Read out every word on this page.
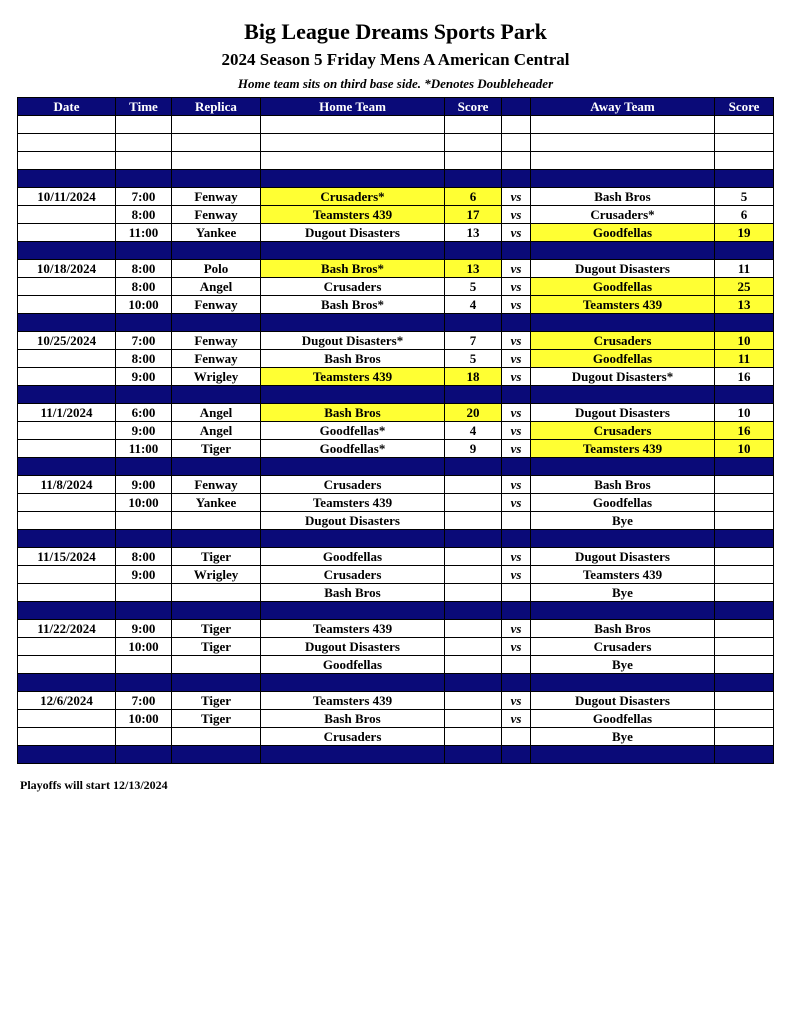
Big League Dreams Sports Park
2024 Season 5 Friday Mens A American Central
Home team sits on third base side. *Denotes Doubleheader
Date	Time	Replica	Home Team	Score		Away Team	Score

10/11/2024	7:00	Fenway	Crusaders*	6	vs	Bash Bros	5
	8:00	Fenway	Teamsters 439	17	vs	Crusaders*	6
	11:00	Yankee	Dugout Disasters	13	vs	Goodfellas	19

10/18/2024	8:00	Polo	Bash Bros*	13	vs	Dugout Disasters	11
	8:00	Angel	Crusaders	5	vs	Goodfellas	25
	10:00	Fenway	Bash Bros*	4	vs	Teamsters 439	13

10/25/2024	7:00	Fenway	Dugout Disasters*	7	vs	Crusaders	10
	8:00	Fenway	Bash Bros	5	vs	Goodfellas	11
	9:00	Wrigley	Teamsters 439	18	vs	Dugout Disasters*	16

11/1/2024	6:00	Angel	Bash Bros	20	vs	Dugout Disasters	10
	9:00	Angel	Goodfellas*	4	vs	Crusaders	16
	11:00	Tiger	Goodfellas*	9	vs	Teamsters 439	10

11/8/2024	9:00	Fenway	Crusaders		vs	Bash Bros	
	10:00	Yankee	Teamsters 439		vs	Goodfellas	
			Dugout Disasters			Bye	

11/15/2024	8:00	Tiger	Goodfellas		vs	Dugout Disasters	
	9:00	Wrigley	Crusaders		vs	Teamsters 439	
			Bash Bros			Bye	

11/22/2024	9:00	Tiger	Teamsters 439		vs	Bash Bros	
	10:00	Tiger	Dugout Disasters		vs	Crusaders	
			Goodfellas			Bye	

12/6/2024	7:00	Tiger	Teamsters 439		vs	Dugout Disasters	
	10:00	Tiger	Bash Bros		vs	Goodfellas	
			Crusaders			Bye	

Playoffs will start 12/13/2024
